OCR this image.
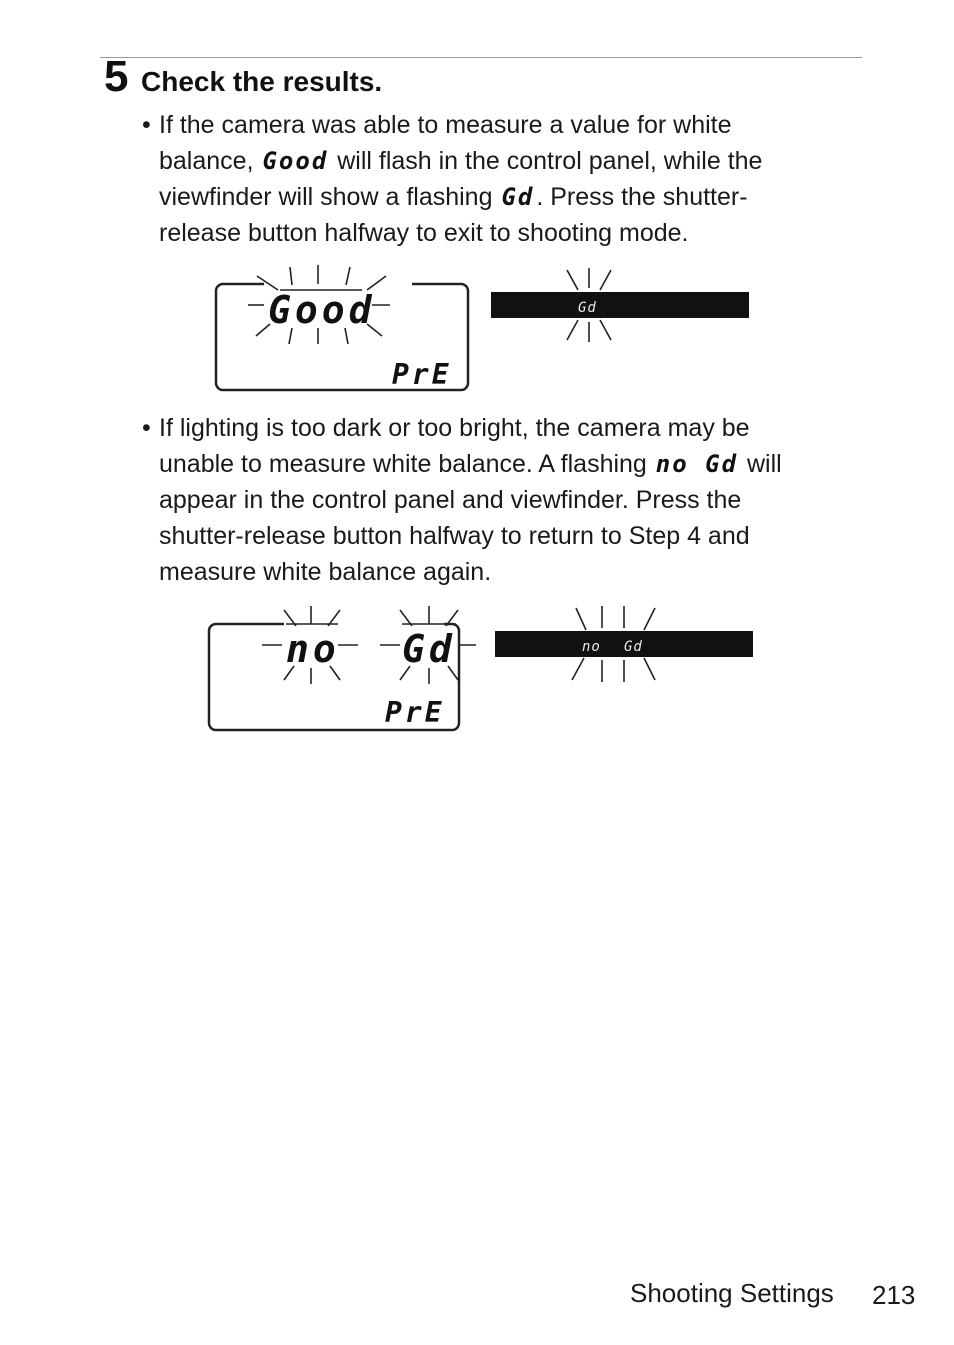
5 Check the results.
• If the camera was able to measure a value for white
balance, Good will flash in the control panel, while the
viewfinder will show a flashing Gd. Press the shutter-
release button halfway to exit to shooting mode.
Good
PrE
Gd
• If lighting is too dark or too bright, the camera may be
unable to measure white balance. A flashing no Gd will
appear in the control panel and viewfinder. Press the
shutter-release button halfway to return to Step 4 and
measure white balance again.
no Gd
PrE
no Gd
Shooting Settings 213
